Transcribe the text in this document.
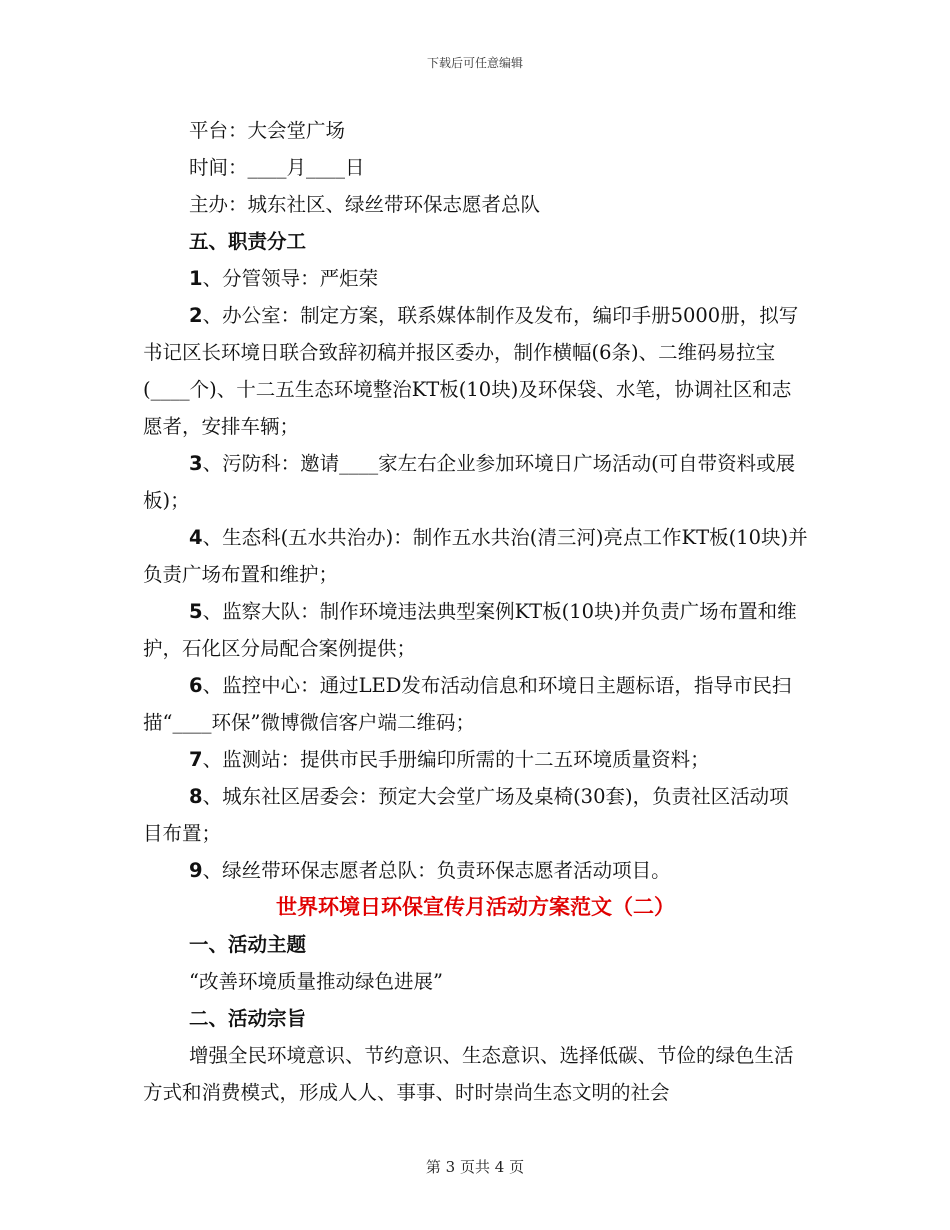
下载后可任意编辑

平台：大会堂广场

时间：____月____日

主办：城东社区、绿丝带环保志愿者总队

五、职责分工

1、分管领导：严炬荣

2、办公室：制定方案，联系媒体制作及发布，编印手册5000册，拟写书记区长环境日联合致辞初稿并报区委办，制作横幅(6条)、二维码易拉宝(____个)、十二五生态环境整治KT板(10块)及环保袋、水笔，协调社区和志愿者，安排车辆；

3、污防科：邀请____家左右企业参加环境日广场活动(可自带资料或展板)；

4、生态科(五水共治办)：制作五水共治(清三河)亮点工作KT板(10块)并负责广场布置和维护；

5、监察大队：制作环境违法典型案例KT板(10块)并负责广场布置和维护，石化区分局配合案例提供；

6、监控中心：通过LED发布活动信息和环境日主题标语，指导市民扫描“____环保”微博微信客户端二维码；

7、监测站：提供市民手册编印所需的十二五环境质量资料；

8、城东社区居委会：预定大会堂广场及桌椅(30套)，负责社区活动项目布置；

9、绿丝带环保志愿者总队：负责环保志愿者活动项目。

世界环境日环保宣传月活动方案范文（二）

一、活动主题

“改善环境质量推动绿色进展”

二、活动宗旨

增强全民环境意识、节约意识、生态意识、选择低碳、节俭的绿色生活方式和消费模式，形成人人、事事、时时崇尚生态文明的社会

第 3 页共 4 页
